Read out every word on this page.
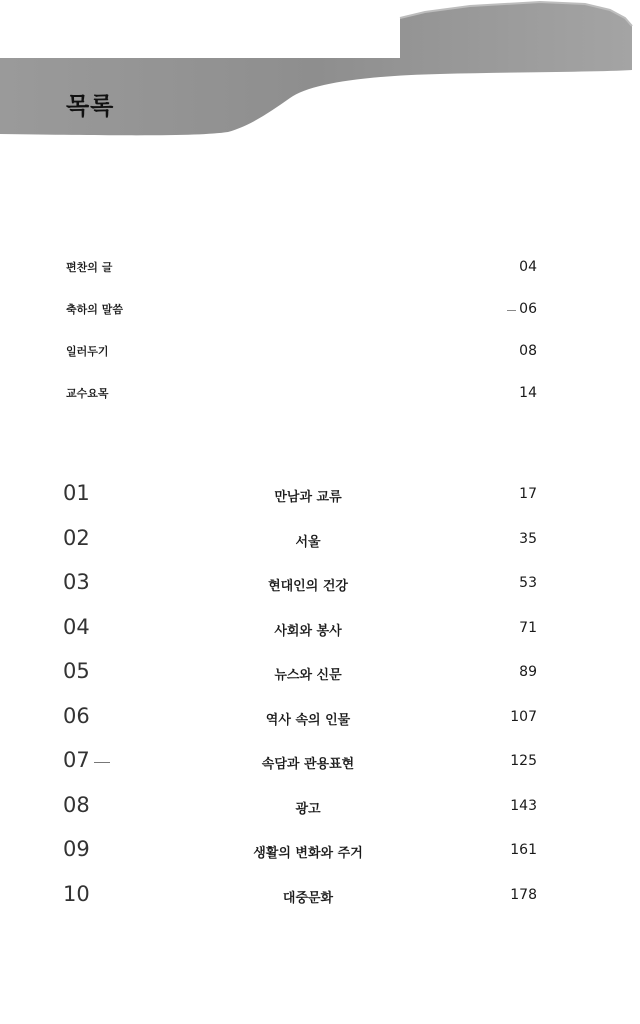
목록
편찬의 글	04
축하의 말씀	06
일러두기	08
교수요목	14
01	만남과 교류	17
02	서울	35
03	현대인의 건강	53
04	사회와 봉사	71
05	뉴스와 신문	89
06	역사 속의 인물	107
07	속담과 관용표현	125
08	광고	143
09	생활의 변화와 주거	161
10	대중문화	178
